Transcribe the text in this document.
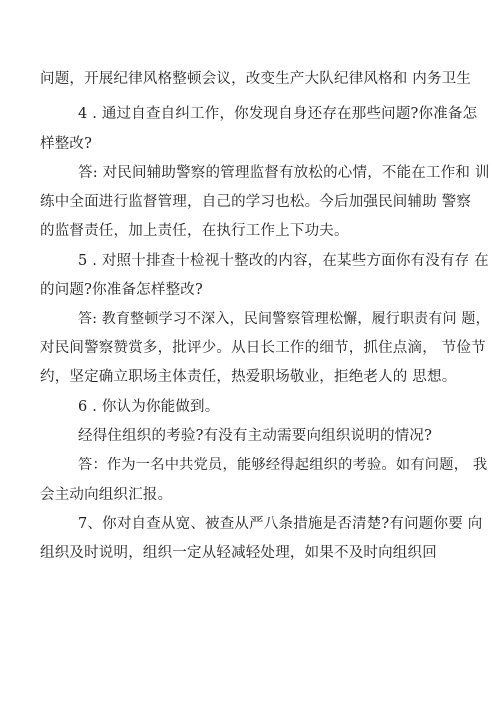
问题，开展纪律风格整顿会议，改变生产大队纪律风格和 内务卫生
4 . 通过自查自纠工作，你发现自身还存在那些问题?你准备怎
样整改?
答: 对民间辅助警察的管理监督有放松的心情，不能在工作和 训
练中全面进行监督管理，自己的学习也松。今后加强民间辅助 警察
的监督责任，加上责任，在执行工作上下功夫。
5 . 对照十排查十检视十整改的内容，在某些方面你有没有存 在
的问题?你准备怎样整改?
答: 教育整顿学习不深入，民间警察管理松懈，履行职责有问 题，
对民间警察赞赏多，批评少。从日长工作的细节，抓住点滴， 节俭节
约，坚定确立职场主体责任，热爱职场敬业，拒绝老人的 思想。
6 . 你认为你能做到。
经得住组织的考验?有没有主动需要向组织说明的情况?
答：作为一名中共党员，能够经得起组织的考验。如有问题， 我
会主动向组织汇报。
7、你对自查从宽、被查从严八条措施是否清楚?有问题你要 向
组织及时说明，组织一定从轻减轻处理，如果不及时向组织回
